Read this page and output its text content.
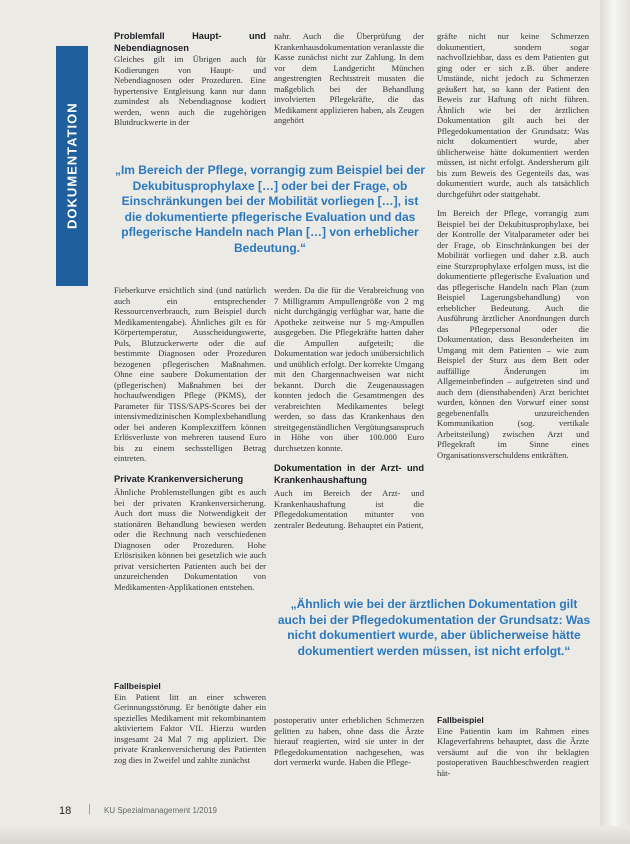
DOKUMENTATION

Problemfall Haupt- und Nebendiagnosen

Gleiches gilt im Übrigen auch für Kodierungen von Haupt- und Nebendiagnosen oder Prozeduren. Eine hypertensive Entgleisung kann nur dann zumindest als Nebendiagnose kodiert werden, wenn auch die zugehörigen Blutdruckwerte in der

nahr. Auch die Überprüfung der Krankenhausdokumentation veranlasste die Kasse zunächst nicht zur Zahlung. In dem vor dem Landgericht München angestrengten Rechtsstreit mussten die maßgeblich bei der Behandlung involvierten Pflegekräfte, die das Medikament applizieren haben, als Zeugen angehört

gräfte nicht nur keine Schmerzen dokumentiert, sondern sogar nachvollziehbar, dass es dem Patienten gut ging oder er sich z.B. über andere Umstände, nicht jedoch zu Schmerzen geäußert hat, so kann der Patient den Beweis zur Haftung oft nicht führen. Ähnlich wie bei der ärztlichen Dokumentation gilt auch bei der Pflegedokumentation der Grundsatz: Was nicht dokumentiert wurde, aber üblicherweise hätte dokumentiert werden müssen, ist nicht erfolgt. Andersherum gilt bis zum Beweis des Gegenteils das, was dokumentiert wurde, auch als tatsächlich durchgeführt oder stattgehabt.

Im Bereich der Pflege, vorrangig zum Beispiel bei der Dekubitusprophylaxe, bei der Kontrolle der Vitalparameter oder bei der Frage, ob Einschränkungen bei der Mobilität vorliegen und daher z.B. auch eine Sturzprophylaxe erfolgen muss, ist die dokumentierte pflegerische Evaluation und das pflegerische Handeln nach Plan (zum Beispiel Lagerungsbehandlung) von erheblicher Bedeutung. Auch die Ausführung ärztlicher Anordnungen durch das Pflegepersonal oder die Dokumentation, dass Besonderheiten im Umgang mit dem Patienten – wie zum Beispiel der Sturz aus dem Bett oder auffällige Änderungen im Allgemeinbefinden – aufgetreten sind und auch dem (diensthabenden) Arzt berichtet wurden, können den Vorwurf einer sonst gegebenenfalls unzureichenden Kommunikation (sog. vertikale Arbeitsteilung) zwischen Arzt und Pflegekraft im Sinne eines Organisationsverschuldens entkräften.

„Im Bereich der Pflege, vorrangig zum Beispiel bei der Dekubitusprophylaxe […] oder bei der Frage, ob Einschränkungen bei der Mobilität vorliegen […], ist die dokumentierte pflegerische Evaluation und das pflegerische Handeln nach Plan […] von erheblicher Bedeutung.“

Fieberkurve ersichtlich sind (und natürlich auch ein entsprechender Ressourcenverbrauch, zum Beispiel durch Medikamentengabe). Ähnliches gilt es für Körpertemperatur, Ausscheidungswerte, Puls, Blutzuckerwerte oder die auf bestimmte Diagnosen oder Prozeduren bezogenen pflegerischen Maßnahmen. Ohne eine saubere Dokumentation der (pflegerischen) Maßnahmen bei der hochaufwendigen Pflege (PKMS), der Parameter für TISS/SAPS-Scores bei der intensivmedizinischen Komplexbehandlung oder bei anderen Komplexziffern können Erlösverluste von mehreren tausend Euro bis zu einem sechsstelligen Betrag eintreten.

Private Krankenversicherung

Ähnliche Problemstellungen gibt es auch bei der privaten Krankenversicherung. Auch dort muss die Notwendigkeit der stationären Behandlung bewiesen werden oder die Rechnung nach verschiedenen Diagnosen oder Prozeduren. Hohe Erlösrisiken können bei gesetzlich wie auch privat versicherten Patienten auch bei der unzureichenden Dokumentation von Medikamenten-Applikationen entstehen.

werden. Da die für die Verabreichung von 7 Milligramm Ampullengröße von 2 mg nicht durchgängig verfügbar war, hatte die Apotheke zeitweise nur 5 mg-Ampullen ausgegeben. Die Pflegekräfte hatten daher die Ampullen aufgeteilt; die Dokumentation war jedoch unübersichtlich und unüblich erfolgt. Der korrekte Umgang mit den Chargennachweisen war nicht bekannt. Durch die Zeugenaussagen konnten jedoch die Gesamtmengen des verabreichten Medikamentes belegt werden, so dass das Krankenhaus den streitgegenständlichen Vergütungsanspruch in Höhe von über 100.000 Euro durchsetzen konnte.

Dokumentation in der Arzt- und Krankenhaushaftung

Auch im Bereich der Arzt- und Krankenhaushaftung ist die Pflegedokumentation mitunter von zentraler Bedeutung. Behauptet ein Patient,

„Ähnlich wie bei der ärztlichen Dokumentation gilt auch bei der Pflegedokumentation der Grundsatz: Was nicht dokumentiert wurde, aber üblicherweise hätte dokumentiert werden müssen, ist nicht erfolgt.“

Fallbeispiel

Ein Patient litt an einer schweren Gerinnungsstörung. Er benötigte daher ein spezielles Medikament mit rekombinantem aktiviertem Faktor VII. Hierzu wurden insgesamt 24 Mal 7 mg appliziert. Die private Krankenversicherung des Patienten zog dies in Zweifel und zahlte zunächst

postoperativ unter erheblichen Schmerzen gelitten zu haben, ohne dass die Ärzte hierauf reagierten, wird sie unter in der Pflegedokumentation nachgesehen, was dort vermerkt wurde. Haben die Pflege-

Fallbeispiel

Eine Patientin kam im Rahmen eines Klageverfahrens behauptet, dass die Ärzte versäumt auf die von ihr beklagten postoperativen Bauchbeschwerden reagiert hät-

18 | KU Spezialmanagement 1/2019
